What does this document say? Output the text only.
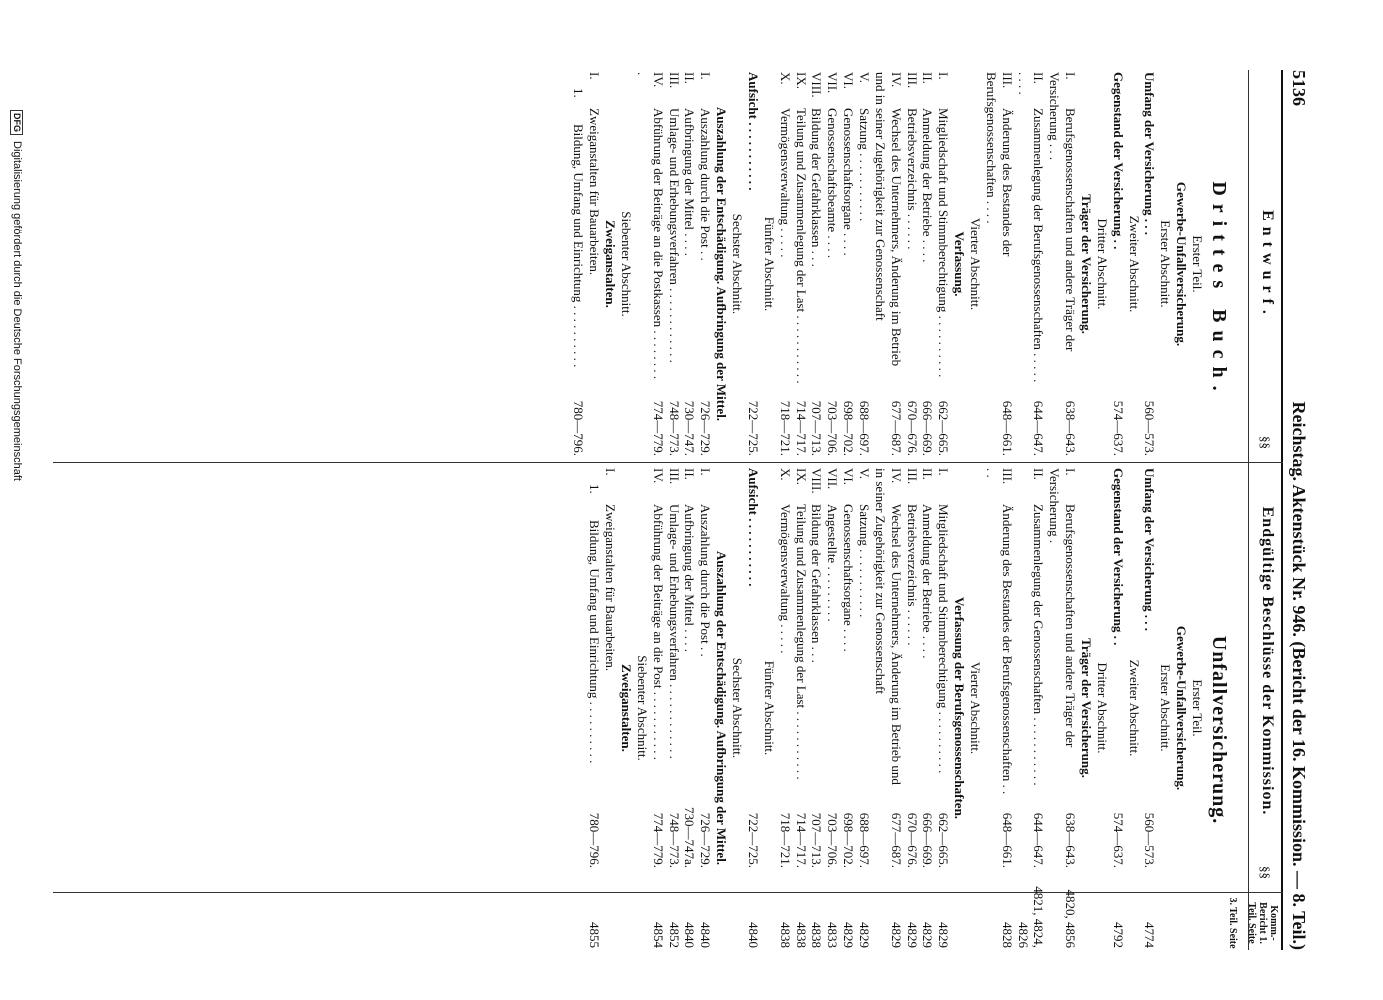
5136
Reichstag. Aktenstück Nr. 946. (Bericht der 16. Kommission. — 8. Teil.)
Entwurf.
§§
Endgültige Beschlüsse der Kommission.
§§
Komm.-Bericht 1. Teil. Seite
3. Teil. Seite
Drittes Buch.
Unfallversicherung.
Erster Teil.
Gewerbe-Unfallversicherung.
Erster Abschnitt.
Umfang der Versicherung . . .
560—573.
Zweiter Abschnitt.
Gegenstand der Versicherung . .
574—637.
Dritter Abschnitt.
Träger der Versicherung.
I.Berufsgenossenschaften und andere Träger der Versicherung . . .
638—643.
II.Zusammenlegung der Berufsgenossenschaften . . . . . . . . .
644—647.
III.Änderung des Bestandes der Berufsgenossenschaften . . . .
648—661.
Vierter Abschnitt.
Verfassung.
I.Mitgliedschaft und Stimmberechtigung . . . . . . . . . .
662—665.
II.Anmeldung der Betriebe . . . .
666—669.
III.Betriebsverzeichnis . . . . . .
670—676.
IV.Wechsel des Unternehmers, Änderung im Betrieb und in seiner Zugehörigkeit zur Genossenschaft
677—687.
V.Satzung . . . . . . . . . . .
688—697.
VI.Genossenschaftsorgane . . . .
698—702.
VII.Genossenschaftsbeamte . . . .
703—706.
VIII.Bildung der Gefahrklassen . . .
707—713.
IX.Teilung und Zusammenlegung der Last . . . . . . . . . . .
714—717.
X.Vermögensverwaltung . . . . .
718—721.
Fünfter Abschnitt.
Aufsicht . . . . . . . . . . .
722—725.
Sechster Abschnitt.
Auszahlung der Entschädigung. Aufbringung der Mittel.
I.Auszahlung durch die Post . .
726—729.
II.Aufbringung der Mittel . . . .
730—747.
III.Umlage- und Erhebungsverfahren . . . . . . . . . . . .
748—773.
IV.Abführung der Beiträge an die Postkassen . . . . . . . . .
774—779.
Siebenter Abschnitt.
Zweiganstalten.
I.Zweiganstalten für Bauarbeiten.
1.Bildung, Umfang und Einrichtung . . . . . . . . . .
780—796.
Erster Teil.
Gewerbe-Unfallversicherung.
Erster Abschnitt.
Umfang der Versicherung . . .
560—573.
4774
Zweiter Abschnitt.
Gegenstand der Versicherung . .
574—637.
4792
Dritter Abschnitt.
Träger der Versicherung.
I.Berufsgenossenschaften und andere Träger der Versicherung .
638—643.
4820, 4856
II.Zusammenlegung der Genossenschaften . . . . . . . . . . .
644—647.
4821, 4824, 4826
III.Änderung des Bestandes der Berufsgenossenschaften . . . .
648—661.
4828
Vierter Abschnitt.
Verfassung der Berufsgenossenschaften.
I.Mitgliedschaft und Stimmberechtigung . . . . . . . . . .
662—665.
4829
II.Anmeldung der Betriebe . . . .
666—669.
4829
III.Betriebsverzeichnis . . . . . .
670—676.
4829
IV.Wechsel des Unternehmers, Änderung im Betrieb und in seiner Zugehörigkeit zur Genossenschaft
677—687.
4829
V.Satzung . . . . . . . . . . .
688—697.
4829
VI.Genossenschaftsorgane . . . .
698—702.
4829
VII.Angestellte . . . . . . . . .
703—706.
4833
VIII.Bildung der Gefahrklassen . . .
707—713.
4838
IX.Teilung und Zusammenlegung der Last . . . . . . . . . . .
714—717.
4838
X.Vermögensverwaltung . . . . .
718—721.
4838
Fünfter Abschnitt.
Aufsicht . . . . . . . . . . .
722—725.
4840
Sechster Abschnitt.
Auszahlung der Entschädigung. Aufbringung der Mittel.
I.Auszahlung durch die Post . .
726—729.
4840
II.Aufbringung der Mittel . . . .
730—747a.
4840
III.Umlage- und Erhebungsverfahren . . . . . . . . . . . .
748—773.
4852
IV.Abführung der Beiträge an die Post . . . . . . . . . . .
774—779.
4854
Siebenter Abschnitt.
Zweiganstalten.
I.Zweiganstalten für Bauarbeiten.
1.Bildung, Umfang und Einrichtung . . . . . . . . . .
780—796.
4855
DFG
Digitalisierung gefördert durch die Deutsche Forschungsgemeinschaft
